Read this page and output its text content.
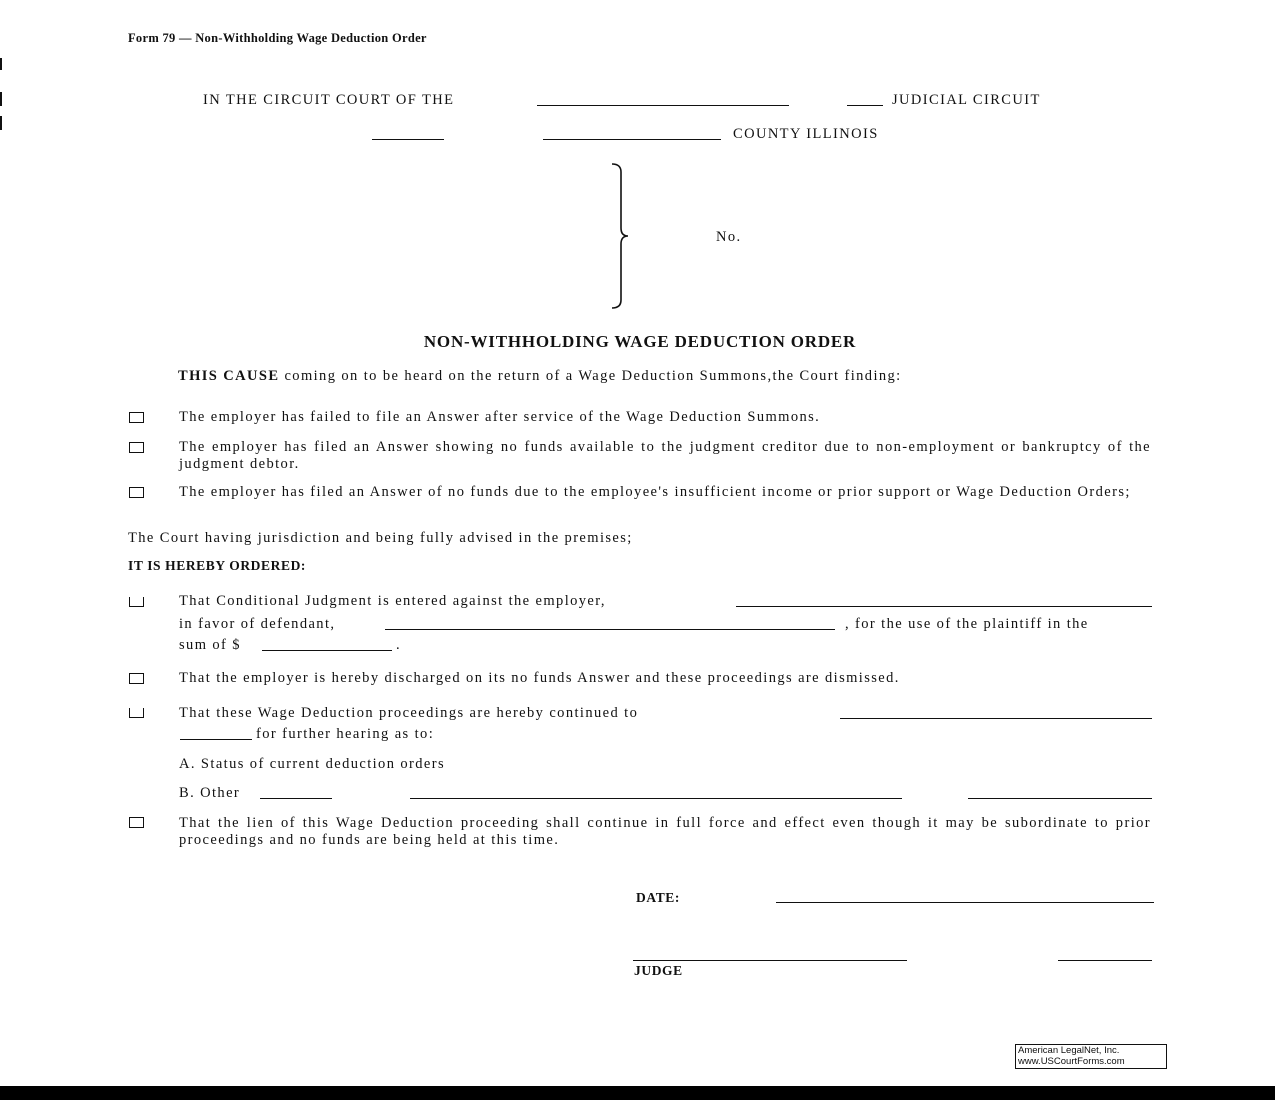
Form 79 — Non-Withholding Wage Deduction Order
IN THE CIRCUIT COURT OF THE	JUDICIAL CIRCUIT
COUNTY ILLINOIS
No.
NON-WITHHOLDING WAGE DEDUCTION ORDER
THIS CAUSE coming on to be heard on the return of a Wage Deduction Summons,the Court finding:
The employer has failed to file an Answer after service of the Wage Deduction Summons.
The employer has filed an Answer showing no funds available to the judgment creditor due to non-employment or bankruptcy of the judgment debtor.
The employer has filed an Answer of no funds due to the employee's insufficient income or prior support or Wage Deduction Orders;
The Court having jurisdiction and being fully advised in the premises;
IT IS HEREBY ORDERED:
That Conditional Judgment is entered against the employer,
in favor of defendant,	, for the use of the plaintiff in the
sum of $	.
That the employer is hereby discharged on its no funds Answer and these proceedings are dismissed.
That these Wage Deduction proceedings are hereby continued to
for further hearing as to:
A. Status of current deduction orders
B. Other
That the lien of this Wage Deduction proceeding shall continue in full force and effect even though it may be subordinate to prior proceedings and no funds are being held at this time.
DATE:
JUDGE
American LegalNet, Inc.
www.USCourtForms.com
